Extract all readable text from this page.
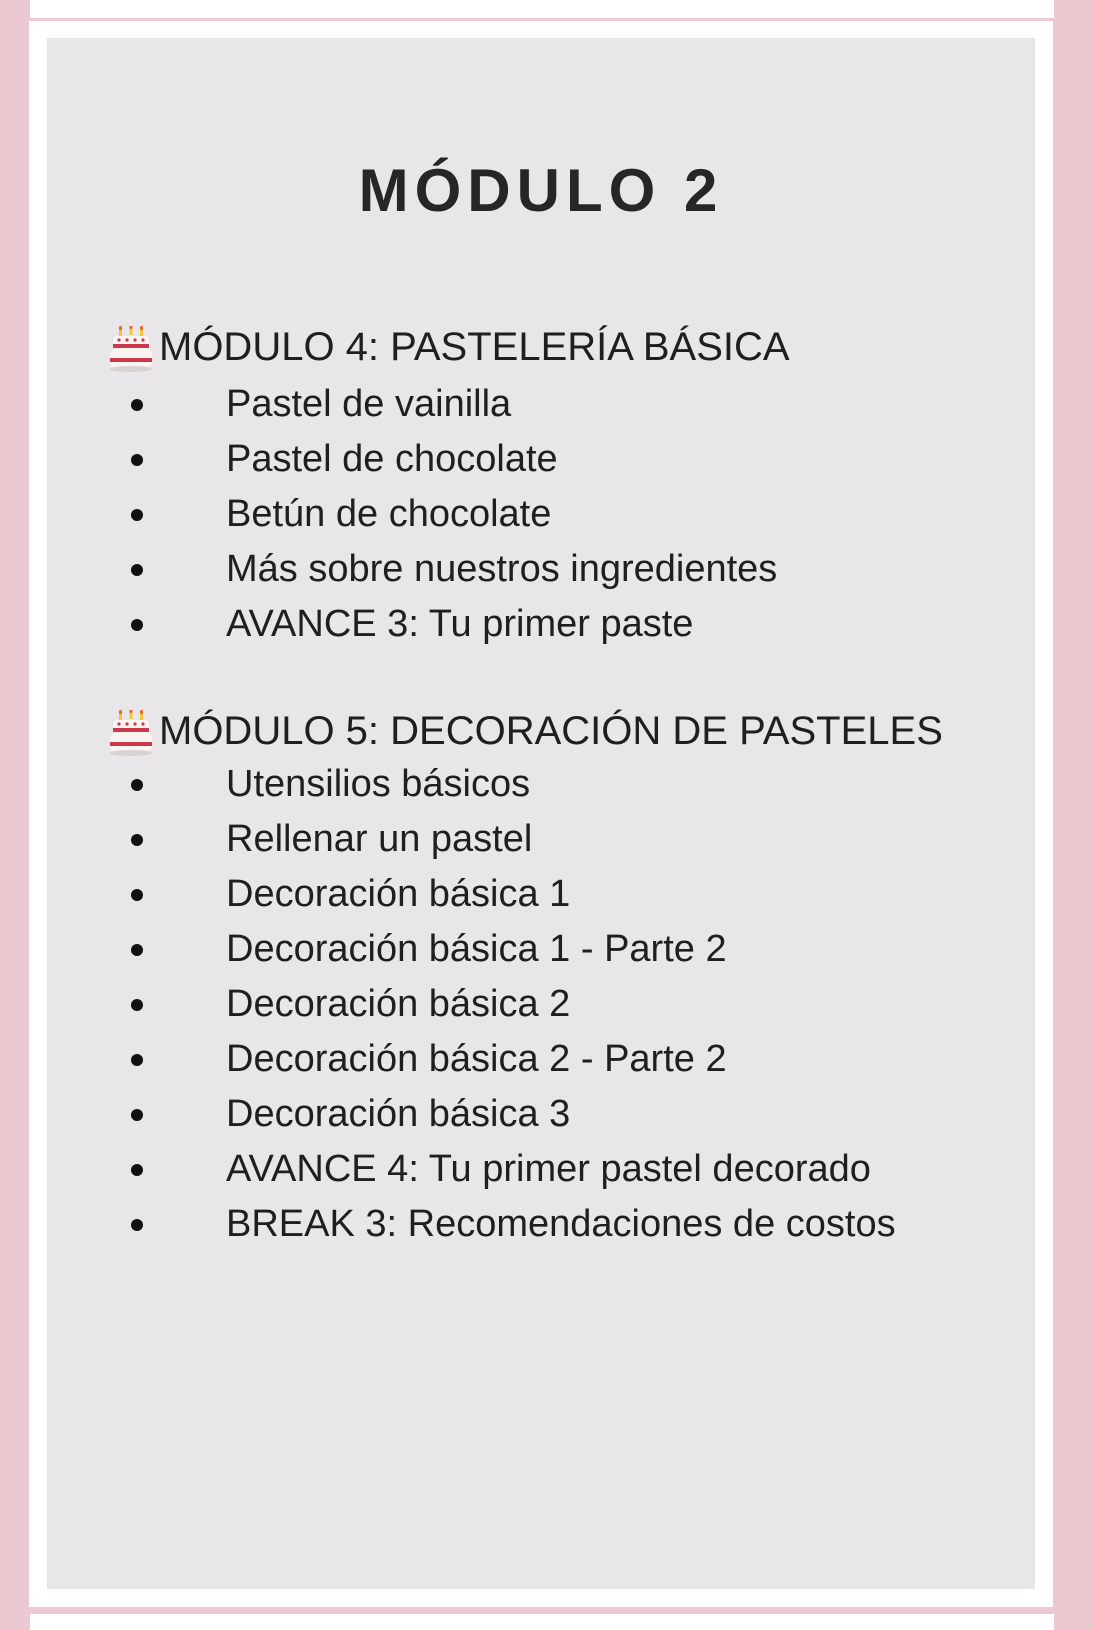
MÓDULO 2
MÓDULO 4: PASTELERÍA BÁSICA
Pastel de vainilla
Pastel de chocolate
Betún de chocolate
Más sobre nuestros ingredientes
AVANCE 3: Tu primer paste
MÓDULO 5: DECORACIÓN DE PASTELES
Utensilios básicos
Rellenar un pastel
Decoración básica 1
Decoración básica 1 - Parte 2
Decoración básica 2
Decoración básica 2 - Parte 2
Decoración básica 3
AVANCE 4: Tu primer pastel decorado
BREAK 3: Recomendaciones de costos
